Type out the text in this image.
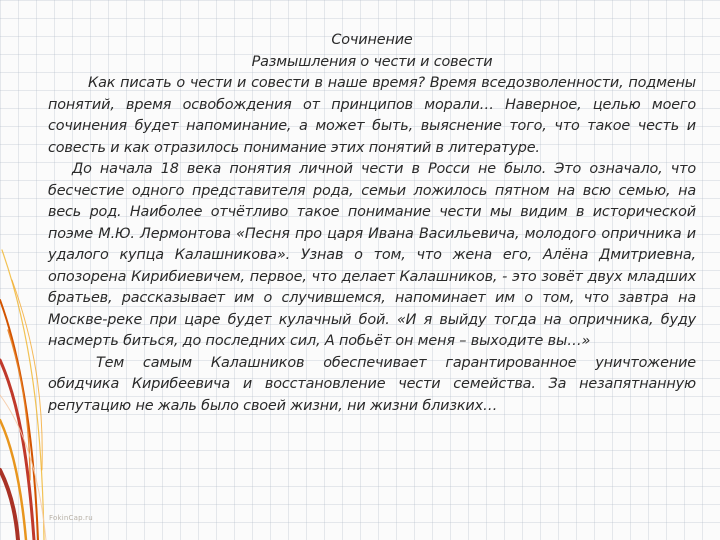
Сочинение

Размышления о чести и совести

Как писать о чести и совести в наше время? Время вседозволенности, подмены понятий, время освобождения от принципов морали… Наверное, целью моего сочинения будет напоминание, а может быть, выяснение того, что такое честь и совесть и как отразилось понимание этих понятий в литературе.

До начала 18 века понятия личной чести в Росси не было. Это означало, что бесчестие одного представителя рода, семьи ложилось пятном на всю семью, на весь род. Наиболее отчётливо такое понимание чести мы видим в исторической поэме М.Ю. Лермонтова «Песня про царя Ивана Васильевича, молодого опричника и удалого купца Калашникова». Узнав о том, что жена его, Алёна Дмитриевна, опозорена Кирибиевичем, первое, что делает Калашников, - это зовёт двух младших братьев, рассказывает им о случившемся, напоминает им о том, что завтра на Москве-реке при царе будет кулачный бой. «И я выйду тогда на опричника, буду насмерть биться, до последних сил, А побьёт он меня – выходите вы…»

Тем самым Калашников обеспечивает гарантированное уничтожение обидчика Кирибеевича и восстановление чести семейства. За незапятнанную репутацию не жаль было своей жизни, ни жизни близких…

FokinCap.ru
